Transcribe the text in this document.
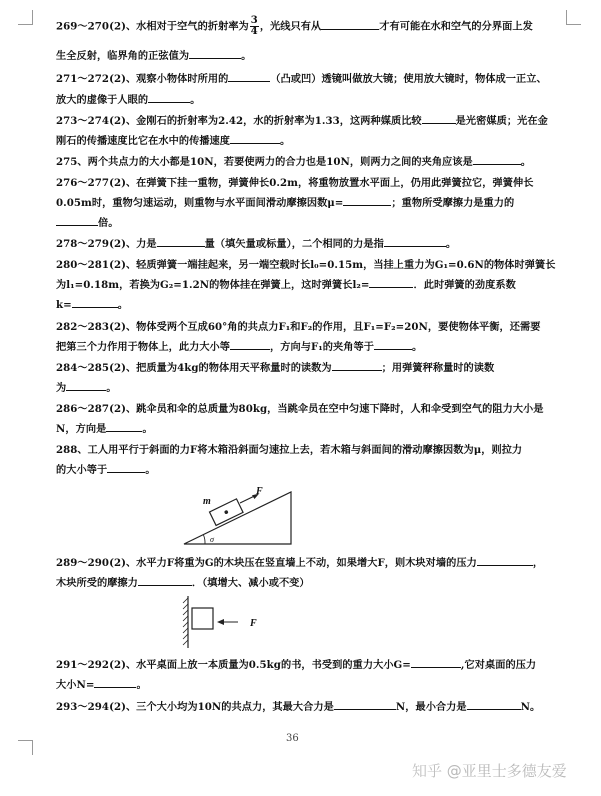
269～270(2)、水相对于空气的折射率为 $\frac{3}{4}$ ，光线只有从	才有可能在水和空气的分界面上发
生全反射，临界角的正弦值为	。
271～272(2)、观察小物体时所用的	（凸或凹）透镜叫做放大镜；使用放大镜时，物体成一正立、
放大的虚像于人眼的	。
273～274(2)、金刚石的折射率为2.42，水的折射率为1.33，这两种媒质比较	是光密媒质；光在金
刚石的传播速度比它在水中的传播速度	。
275、两个共点力的大小都是10N，若要使两力的合力也是10N，则两力之间的夹角应该是	。
276～277(2)、在弹簧下挂一重物，弹簧伸长0.2m，将重物放置水平面上，仍用此弹簧拉它，弹簧伸长
0.05m时，重物匀速运动，则重物与水平面间滑动摩擦因数μ=	；重物所受摩擦力是重力的
倍。
278～279(2)、力是	量（填矢量或标量），二个相同的力是指	。
280～281(2)、轻质弹簧一端挂起来，另一端空载时长l₀=0.15m，当挂上重力为G₁=0.6N的物体时弹簧长
为l₁=0.18m，若换为G₂=1.2N的物体挂在弹簧上，这时弹簧长l₂=	．此时弹簧的劲度系数
k=	。
282～283(2)、物体受两个互成60°角的共点力F₁和F₂的作用，且F₁=F₂=20N，要使物体平衡，还需要
把第三个力作用于物体上，此力大小等	，方向与F₁的夹角等于	。
284～285(2)、把质量为4kg的物体用天平称量时的读数为	；用弹簧秤称量时的读数
为	。
286～287(2)、跳伞员和伞的总质量为80kg，当跳伞员在空中匀速下降时，人和伞受到空气的阻力大小是
N，方向是	。
288、工人用平行于斜面的力F将木箱沿斜面匀速拉上去，若木箱与斜面间的滑动摩擦因数为μ，则拉力
的大小等于	。
m
F
σ
289～290(2)、水平力F将重为G的木块压在竖直墙上不动，如果增大F，则木块对墙的压力	，
木块所受的摩擦力	．（填增大、减小或不变）
F
291～292(2)、水平桌面上放一本质量为0.5kg的书，书受到的重力大小G=	,它对桌面的压力
大小N=	。
293～294(2)、三个大小均为10N的共点力，其最大合力是	N，最小合力是	N。
36
知乎 @亚里士多德友爱
